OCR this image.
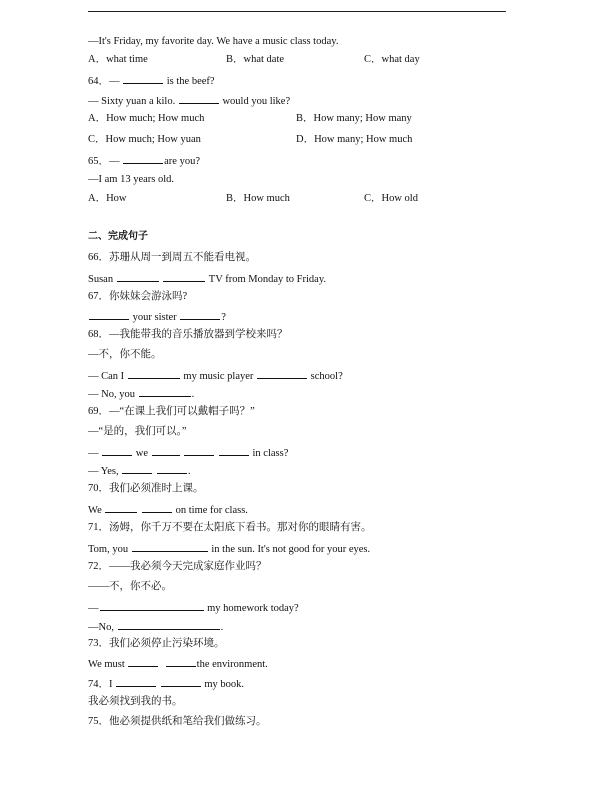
—It's Friday, my favorite day. We have a music class today.
A．what time	B．what date	C．what day
64．—	is the beef?
— Sixty yuan a kilo.	would you like?
A．How much; How much	B．How many; How many
C．How much; How yuan	D．How many; How much
65．—	are you?
—I am 13 years old.
A．How	B．How much	C．How old
二、完成句子
66．苏珊从周一到周五不能看电视。
Susan	TV from Monday to Friday.
67．你妹妹会游泳吗?
your sister	?
68．—我能带我的音乐播放器到学校来吗？
—不，你不能。
— Can I	my music player	school?
— No, you	.
69．—“在课上我们可以戴帽子吗？”
—“是的，我们可以。”
—	we	in class?
— Yes,	.
70．我们必须准时上课。
We	on time for class.
71．汤姆，你千万不要在太阳底下看书。那对你的眼睛有害。
Tom, you	in the sun. It's not good for your eyes.
72．——我必须今天完成家庭作业吗？
——不，你不必。
—	my homework today?
—No,	.
73．我们必须停止污染环境。
We must	the environment.
74．I	my book.
我必须找到我的书。
75．他必须提供纸和笔给我们做练习。
